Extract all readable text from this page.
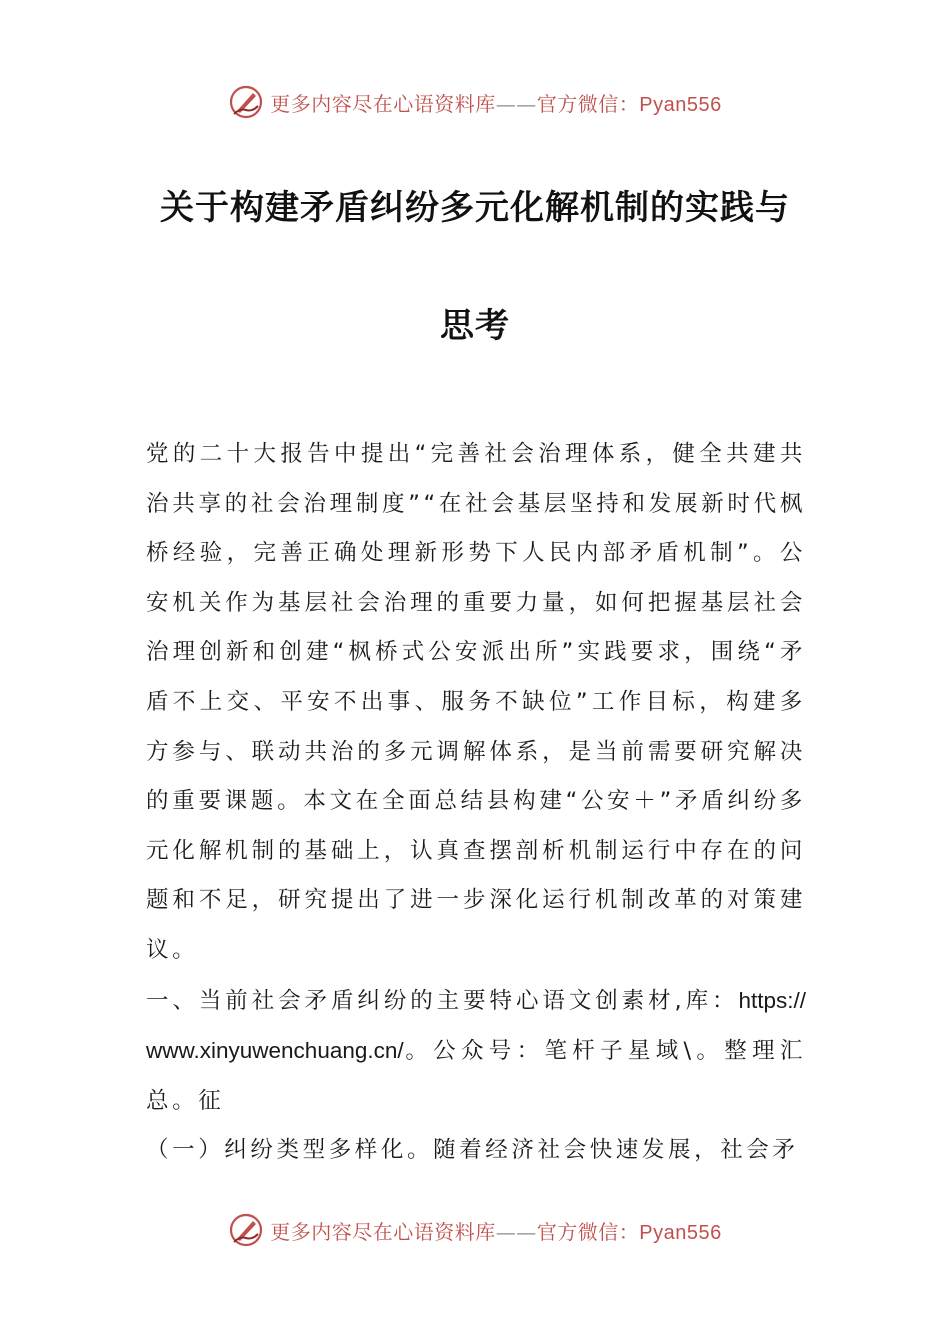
更多内容尽在心语资料库——官方微信：Pyan556
关于构建矛盾纠纷多元化解机制的实践与
思考

党的二十大报告中提出“完善社会治理体系，健全共建共治共享的社会治理制度”“在社会基层坚持和发展新时代枫桥经验，完善正确处理新形势下人民内部矛盾机制”。公安机关作为基层社会治理的重要力量，如何把握基层社会治理创新和创建“枫桥式公安派出所”实践要求，围绕“矛盾不上交、平安不出事、服务不缺位”工作目标，构建多方参与、联动共治的多元调解体系，是当前需要研究解决的重要课题。本文在全面总结县构建“公安＋”矛盾纠纷多元化解机制的基础上，认真查摆剖析机制运行中存在的问题和不足，研究提出了进一步深化运行机制改革的对策建议。

一、当前社会矛盾纠纷的主要特心语文创素材,库：https://www.xinyuwenchuang.cn/。公众号：笔杆子星域\。整理汇总。征

（一）纠纷类型多样化。随着经济社会快速发展，社会矛

更多内容尽在心语资料库——官方微信：Pyan556
